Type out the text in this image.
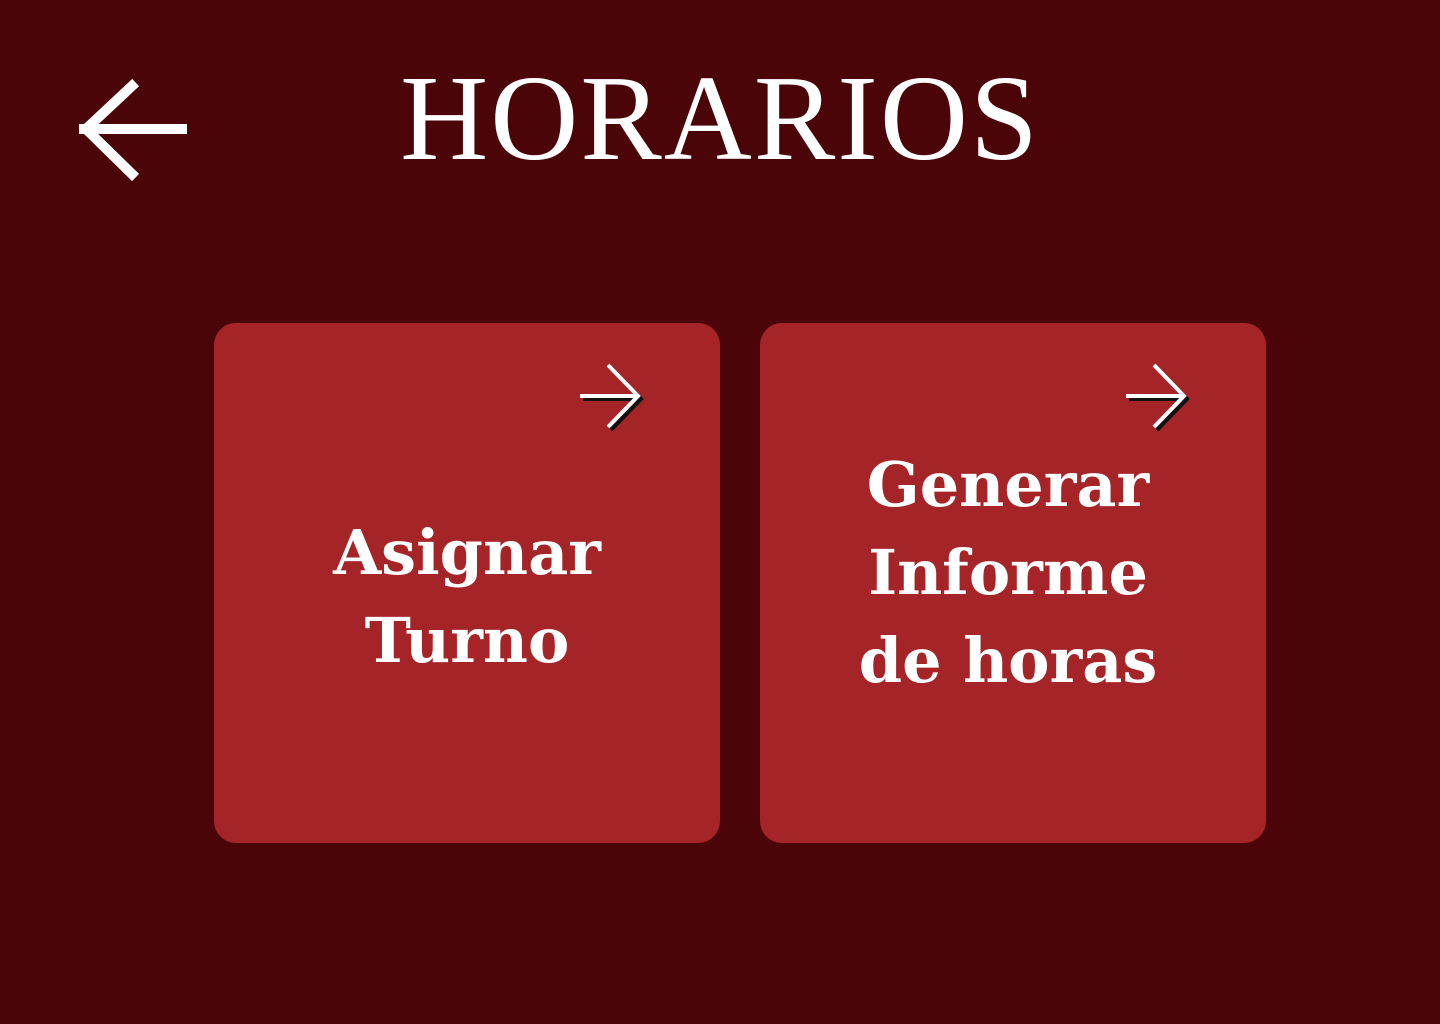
HORARIOS
Asignar
Turno
Generar
Informe
de horas
